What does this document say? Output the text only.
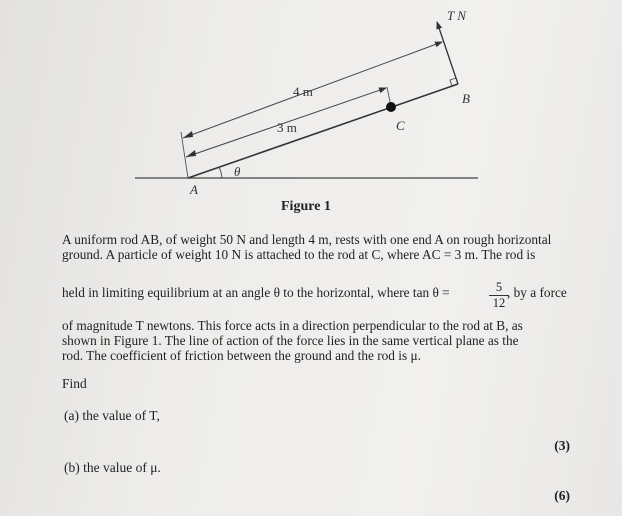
T N
4 m
3 m
A
B
C
θ
Figure 1
A uniform rod AB, of weight 50 N and length 4 m, rests with one end A on rough horizontal
ground. A particle of weight 10 N is attached to the rod at C, where AC = 3 m. The rod is
held in limiting equilibrium at an angle θ to the horizontal, where tan θ =	5
12
, by a force
of magnitude T newtons. This force acts in a direction perpendicular to the rod at B, as
shown in Figure 1. The line of action of the force lies in the same vertical plane as the
rod. The coefficient of friction between the ground and the rod is μ.
Find
(a) the value of T,
(3)
(b) the value of μ.
(6)
